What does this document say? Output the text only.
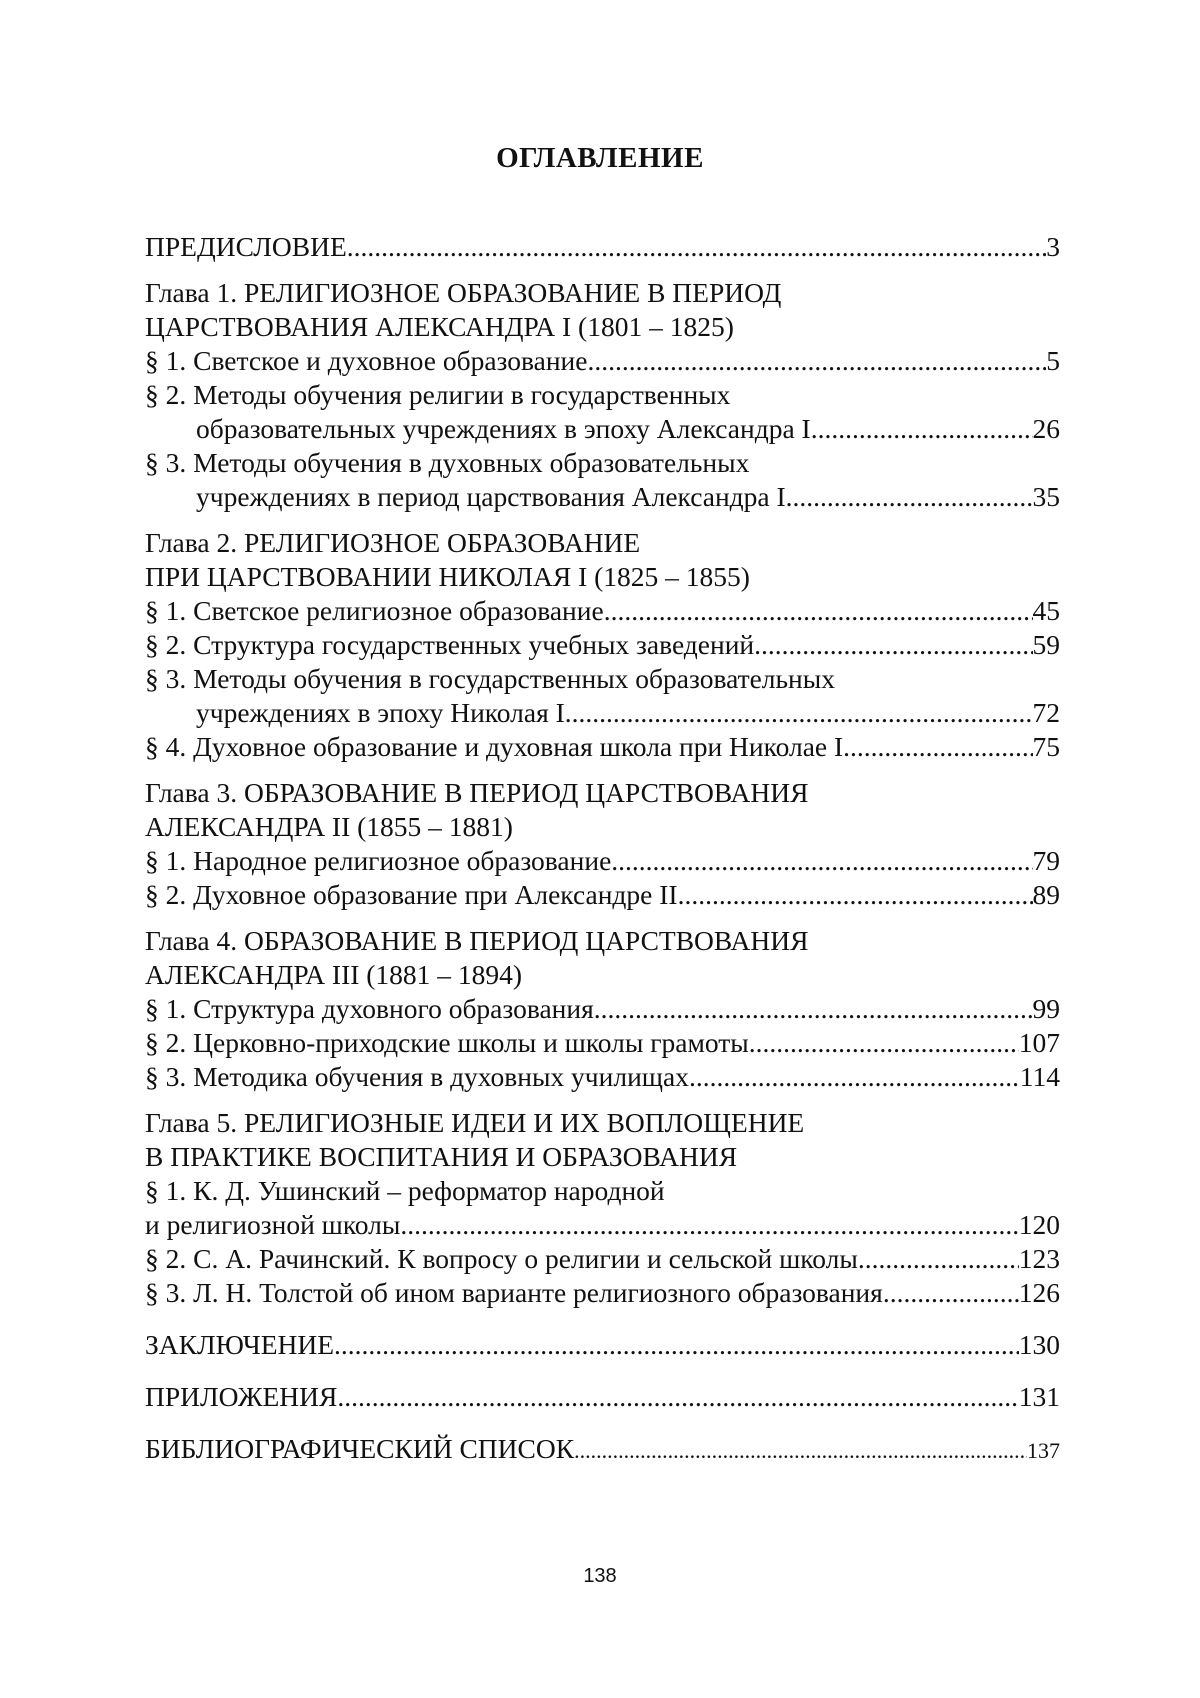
ОГЛАВЛЕНИЕ
ПРЕДИСЛОВИЕ .....	3
Глава 1. РЕЛИГИОЗНОЕ ОБРАЗОВАНИЕ В ПЕРИОД
ЦАРСТВОВАНИЯ АЛЕКСАНДРА I (1801 – 1825)
§ 1. Светское и духовное образование .....	5
§ 2. Методы обучения религии в государственных
образовательных учреждениях в эпоху Александра I .....	26
§ 3. Методы обучения в духовных образовательных
учреждениях в период царствования Александра I .....	35
Глава 2. РЕЛИГИОЗНОЕ ОБРАЗОВАНИЕ
ПРИ ЦАРСТВОВАНИИ НИКОЛАЯ I (1825 – 1855)
§ 1. Светское религиозное образование .....	45
§ 2. Структура государственных учебных заведений .....	59
§ 3. Методы обучения в государственных образовательных
учреждениях в эпоху Николая I .....	72
§ 4. Духовное образование и духовная школа при Николае I .....	75
Глава 3. ОБРАЗОВАНИЕ В ПЕРИОД ЦАРСТВОВАНИЯ
АЛЕКСАНДРА II (1855 – 1881)
§ 1. Народное религиозное образование .....	79
§ 2. Духовное образование при Александре II .....	89
Глава 4. ОБРАЗОВАНИЕ В ПЕРИОД ЦАРСТВОВАНИЯ
АЛЕКСАНДРА III (1881 – 1894)
§ 1. Структура духовного образования .....	99
§ 2. Церковно-приходские школы и школы грамоты .....	107
§ 3. Методика обучения в духовных училищах .....	114
Глава 5. РЕЛИГИОЗНЫЕ ИДЕИ И ИХ ВОПЛОЩЕНИЕ
В ПРАКТИКЕ ВОСПИТАНИЯ И ОБРАЗОВАНИЯ
§ 1. К. Д. Ушинский – реформатор народной
и религиозной школы .....	120
§ 2. С. А. Рачинский. К вопросу о религии и сельской школы .....	123
§ 3. Л. Н. Толстой об ином варианте религиозного образования .....	126
ЗАКЛЮЧЕНИЕ .....	130
ПРИЛОЖЕНИЯ .....	131
БИБЛИОГРАФИЧЕСКИЙ СПИСОК .....	137
138
